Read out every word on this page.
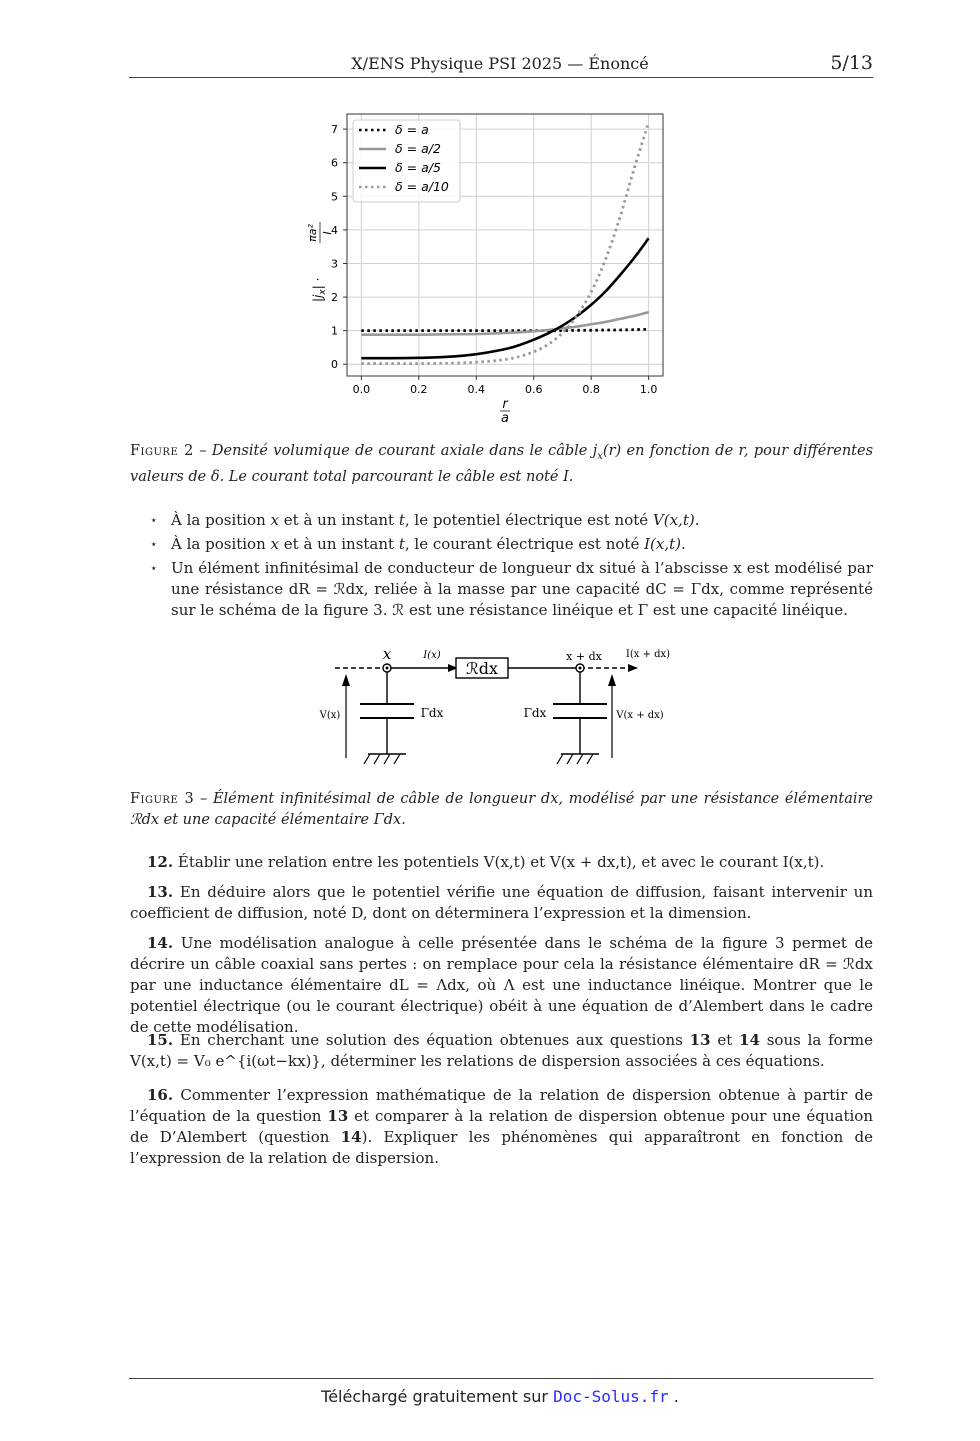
X/ENS Physique PSI 2025 — Énoncé	5/13
0.0	0.2	0.4	0.6	0.8	1.0
0
1
2
3
4
5
6
7	δ = a
δ = a/2
δ = a/5
δ = a/10
r
a
$|j_x|$ ·
πa² I
Figure 2 – Densité volumique de courant axiale dans le câble $j_x(r)$ en fonction de r, pour différentes valeurs de δ. Le courant total parcourant le câble est noté I.
⋆ À la position x et à un instant t, le potentiel électrique est noté V(x,t).
⋆ À la position x et à un instant t, le courant électrique est noté I(x,t).
⋆ Un élément infinitésimal de conducteur de longueur dx situé à l’abscisse x est modélisé par une résistance dR = ℛdx, reliée à la masse par une capacité dC = Γdx, comme représenté sur le schéma de la figure 3. ℛ est une résistance linéique et Γ est une capacité linéique.
x	I(x)
ℛdx
x + dx I(x + dx)
V(x)	Γdx	Γdx	V(x + dx)
Figure 3 – Élément infinitésimal de câble de longueur dx, modélisé par une résistance élémentaire ℛdx et une capacité élémentaire Γdx.
12. Établir une relation entre les potentiels V(x,t) et V(x + dx,t), et avec le courant I(x,t).
13. En déduire alors que le potentiel vérifie une équation de diffusion, faisant intervenir un coefficient de diffusion, noté D, dont on déterminera l’expression et la dimension.
14. Une modélisation analogue à celle présentée dans le schéma de la figure 3 permet de décrire un câble coaxial sans pertes : on remplace pour cela la résistance élémentaire dR = ℛdx par une inductance élémentaire dL = Λdx, où Λ est une inductance linéique. Montrer que le potentiel électrique (ou le courant électrique) obéit à une équation de d’Alembert dans le cadre de cette modélisation.
15. En cherchant une solution des équation obtenues aux questions 13 et 14 sous la forme V(x,t) = V₀ e^{i(ωt−kx)}, déterminer les relations de dispersion associées à ces équations.
16. Commenter l’expression mathématique de la relation de dispersion obtenue à partir de l’équation de la question 13 et comparer à la relation de dispersion obtenue pour une équation de D’Alembert (question 14). Expliquer les phénomènes qui apparaîtront en fonction de l’expression de la relation de dispersion.
Téléchargé gratuitement sur Doc-Solus.fr .
